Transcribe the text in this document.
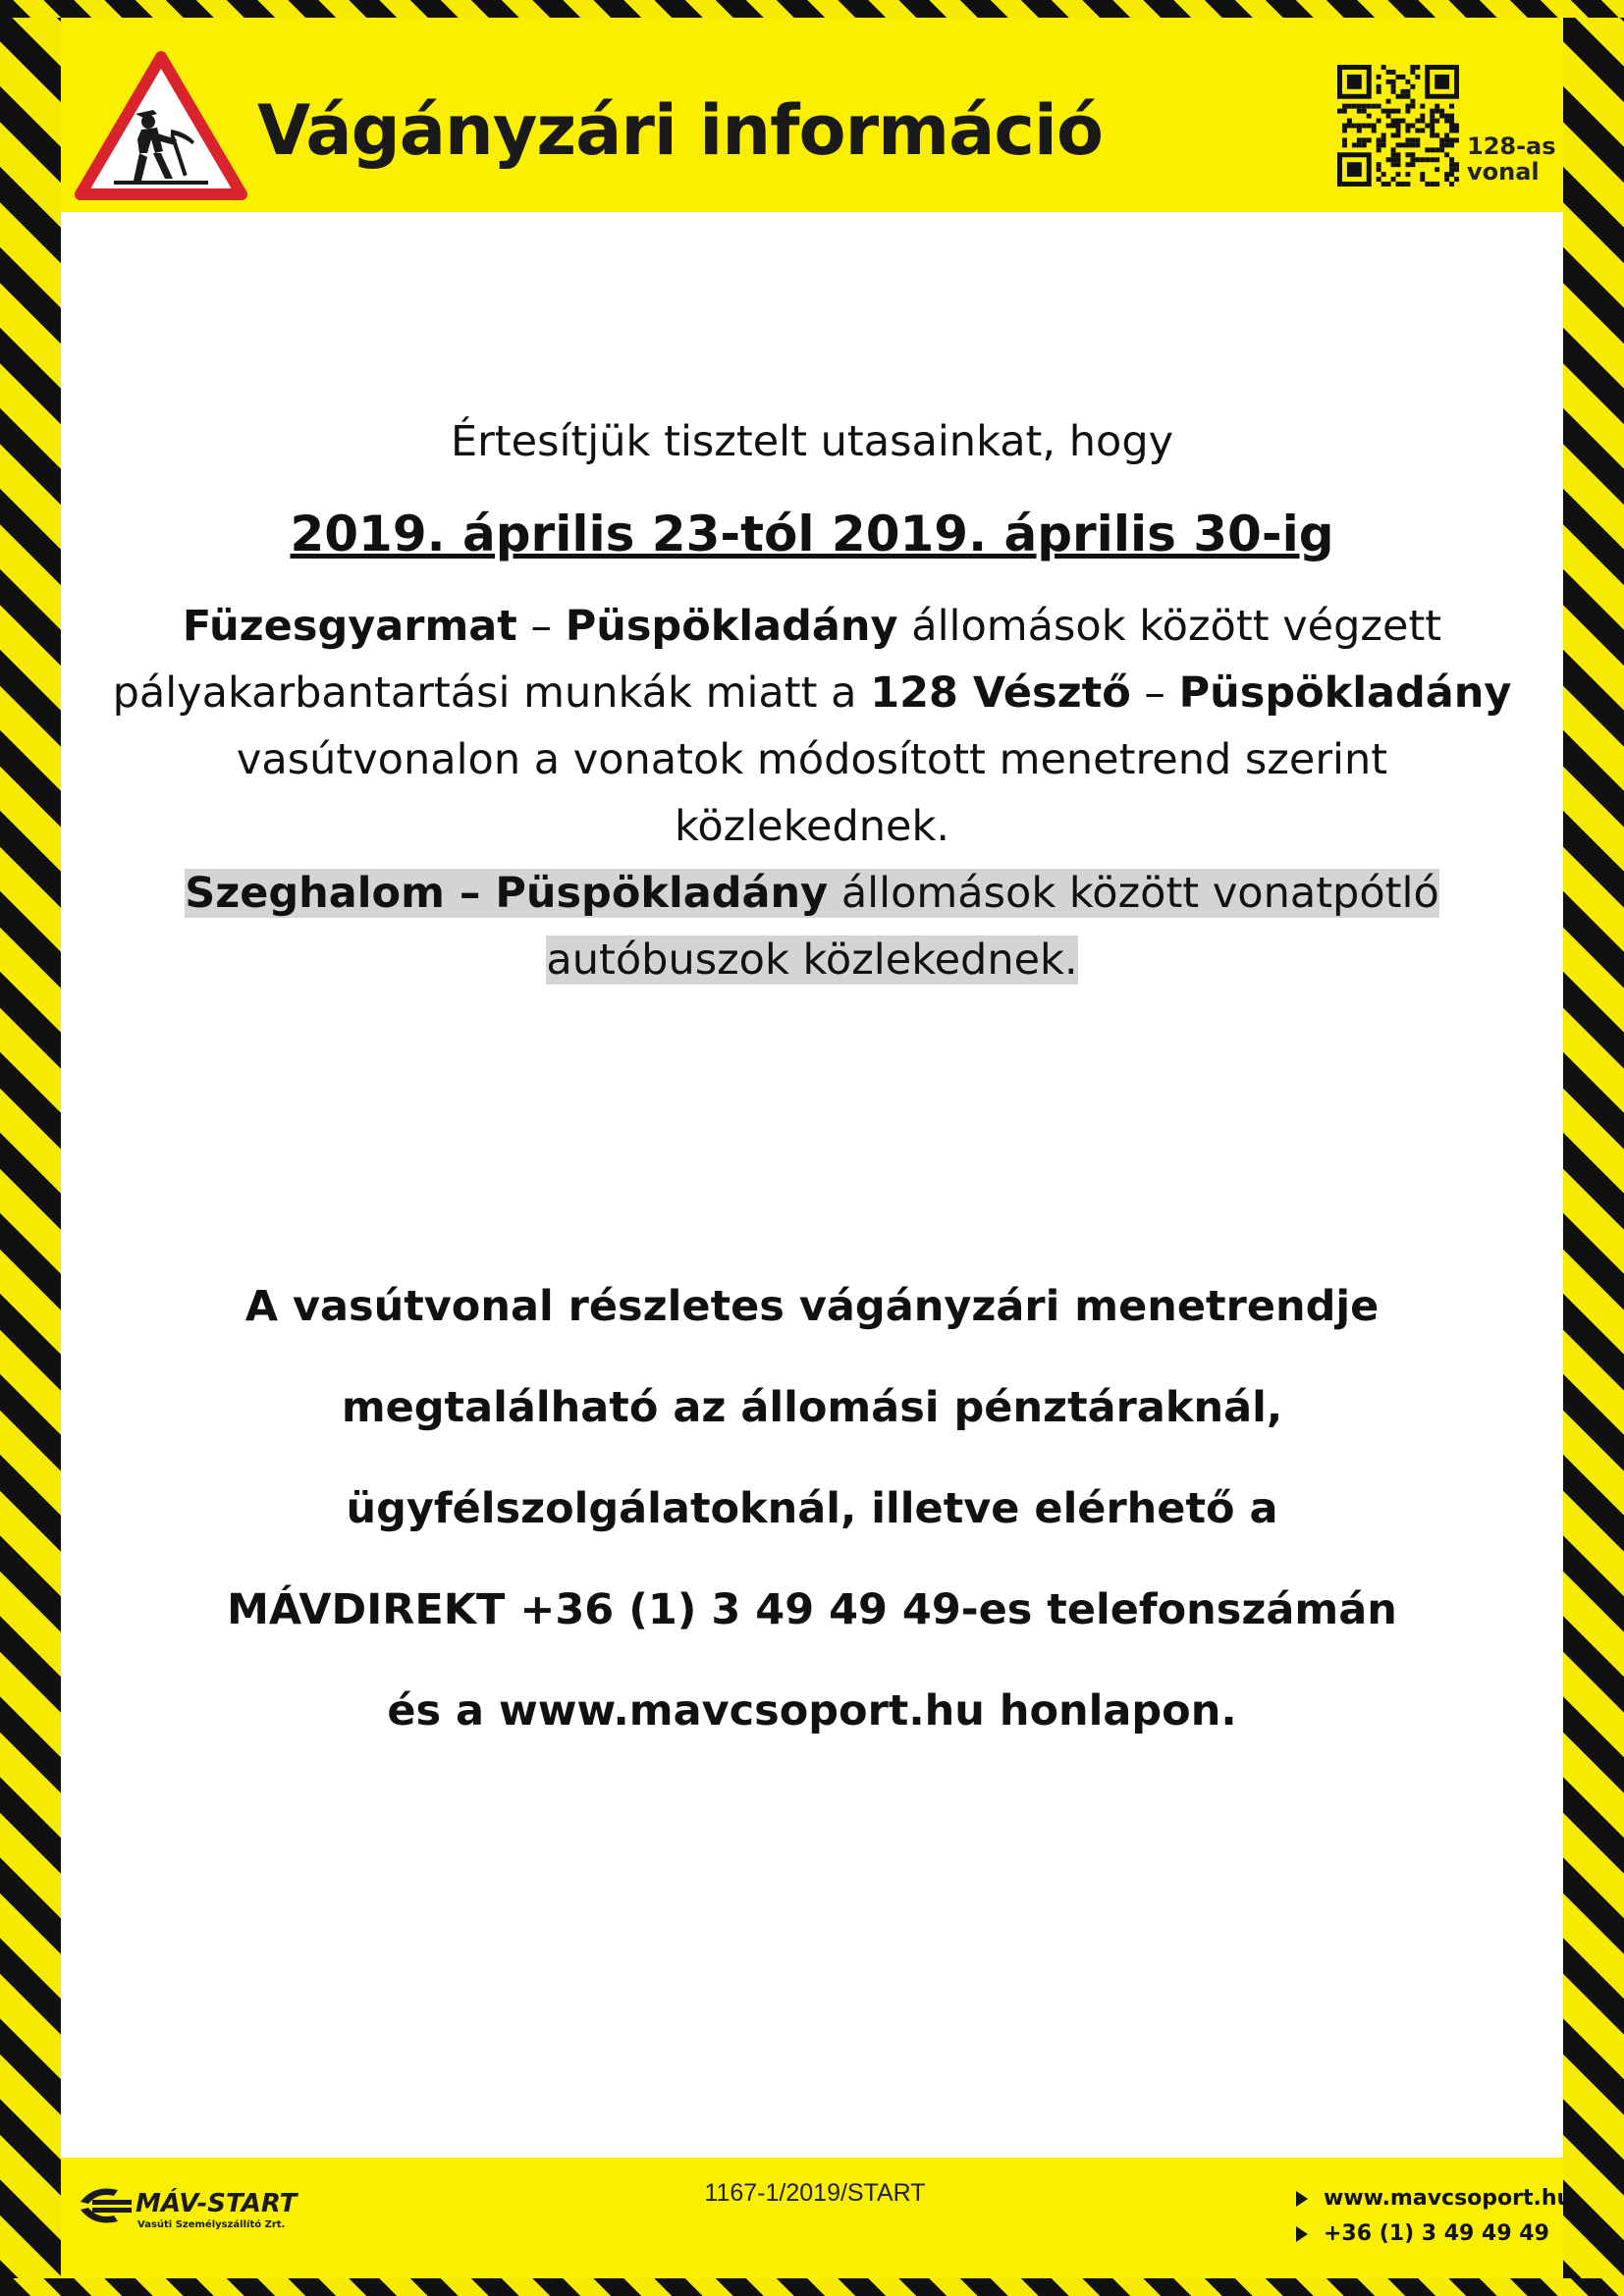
Vágányzári információ	128-as
vonal
Értesítjük tisztelt utasainkat, hogy
2019. április 23-tól 2019. április 30-ig
Füzesgyarmat – Püspökladány állomások között végzett pályakarbantartási munkák miatt a 128 Vésztő – Püspökladány vasútvonalon a vonatok módosított menetrend szerint közlekednek.
Szeghalom – Püspökladány állomások között vonatpótló
autóbuszok közlekednek.
A vasútvonal részletes vágányzári menetrendje
megtalálható az állomási pénztáraknál,
ügyfélszolgálatoknál, illetve elérhető a
MÁVDIREKT +36 (1) 3 49 49 49-es telefonszámán
és a www.mavcsoport.hu honlapon.
MÁV-START
Vasúti Személyszállító Zrt.
1167-1/2019/START	www.mavcsoport.hu
+36 (1) 3 49 49 49
